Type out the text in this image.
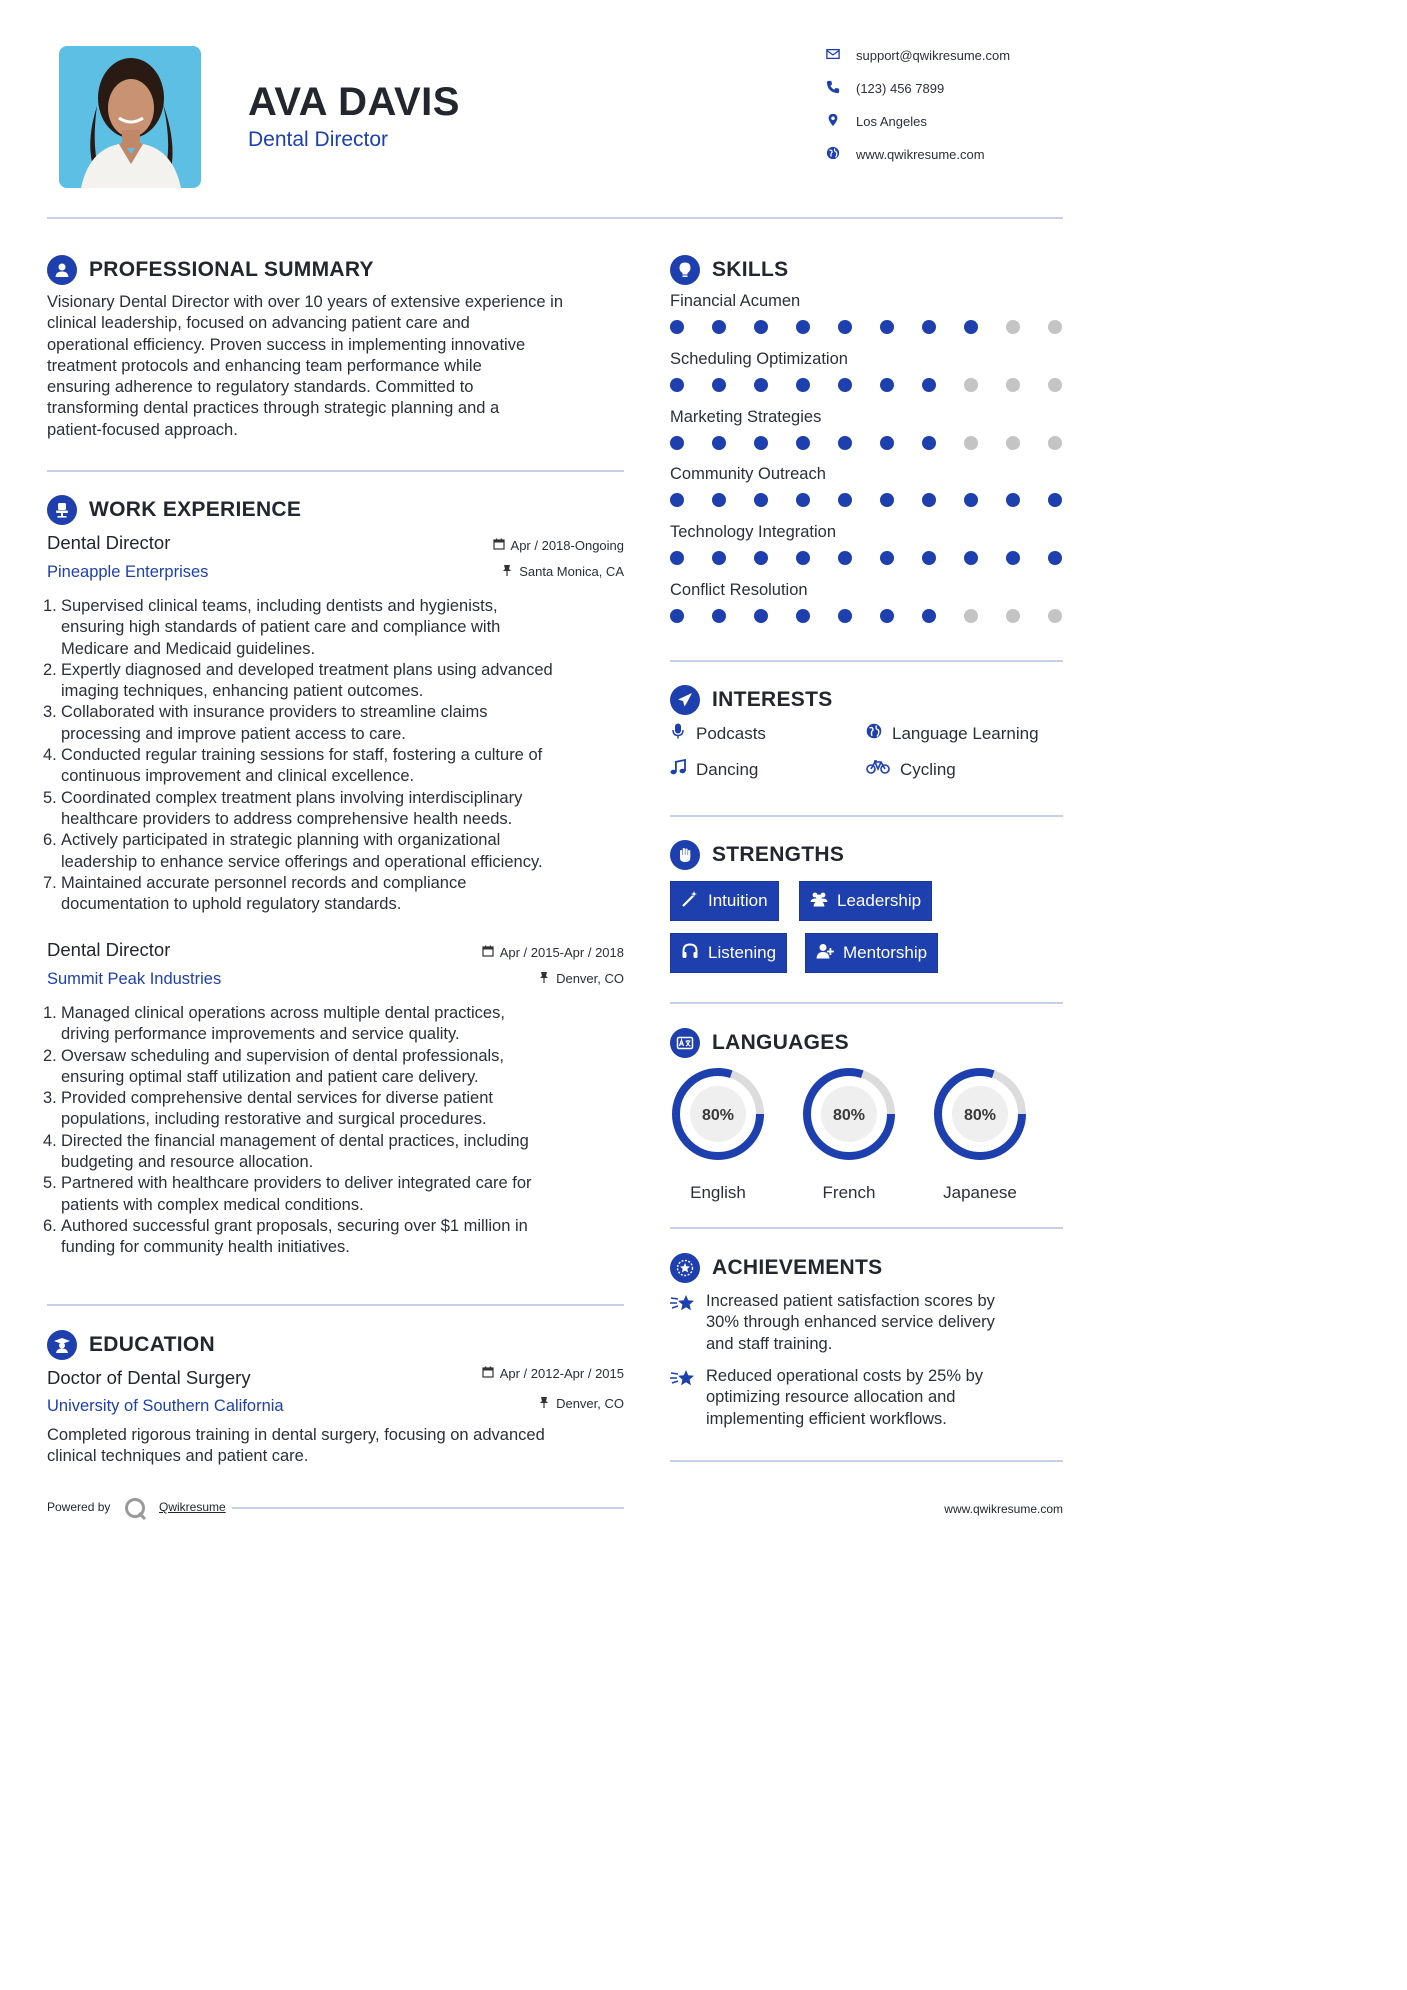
AVA DAVIS
Dental Director
support@qwikresume.com
(123) 456 7899
Los Angeles
www.qwikresume.com
PROFESSIONAL SUMMARY
Visionary Dental Director with over 10 years of extensive experience in
clinical leadership, focused on advancing patient care and
operational efficiency. Proven success in implementing innovative
treatment protocols and enhancing team performance while
ensuring adherence to regulatory standards. Committed to
transforming dental practices through strategic planning and a
patient-focused approach.
WORK EXPERIENCE
Dental Director
Pineapple Enterprises
Apr / 2018-Ongoing
Santa Monica, CA
1. Supervised clinical teams, including dentists and hygienists,
ensuring high standards of patient care and compliance with
Medicare and Medicaid guidelines.
2. Expertly diagnosed and developed treatment plans using advanced
imaging techniques, enhancing patient outcomes.
3. Collaborated with insurance providers to streamline claims
processing and improve patient access to care.
4. Conducted regular training sessions for staff, fostering a culture of
continuous improvement and clinical excellence.
5. Coordinated complex treatment plans involving interdisciplinary
healthcare providers to address comprehensive health needs.
6. Actively participated in strategic planning with organizational
leadership to enhance service offerings and operational efficiency.
7. Maintained accurate personnel records and compliance
documentation to uphold regulatory standards.
Dental Director
Summit Peak Industries
Apr / 2015-Apr / 2018
Denver, CO
1. Managed clinical operations across multiple dental practices,
driving performance improvements and service quality.
2. Oversaw scheduling and supervision of dental professionals,
ensuring optimal staff utilization and patient care delivery.
3. Provided comprehensive dental services for diverse patient
populations, including restorative and surgical procedures.
4. Directed the financial management of dental practices, including
budgeting and resource allocation.
5. Partnered with healthcare providers to deliver integrated care for
patients with complex medical conditions.
6. Authored successful grant proposals, securing over $1 million in
funding for community health initiatives.
EDUCATION
Doctor of Dental Surgery
University of Southern California
Apr / 2012-Apr / 2015
Denver, CO
Completed rigorous training in dental surgery, focusing on advanced
clinical techniques and patient care.
SKILLS
Financial Acumen
Scheduling Optimization
Marketing Strategies
Community Outreach
Technology Integration
Conflict Resolution
INTERESTS
Podcasts	Language Learning
Dancing	Cycling
STRENGTHS
Intuition	Leadership
Listening	Mentorship
LANGUAGES
80%
English
80%
French
80%
Japanese
ACHIEVEMENTS
Increased patient satisfaction scores by
30% through enhanced service delivery
and staff training.
Reduced operational costs by 25% by
optimizing resource allocation and
implementing efficient workflows.
Powered by	Qwikresume	www.qwikresume.com
